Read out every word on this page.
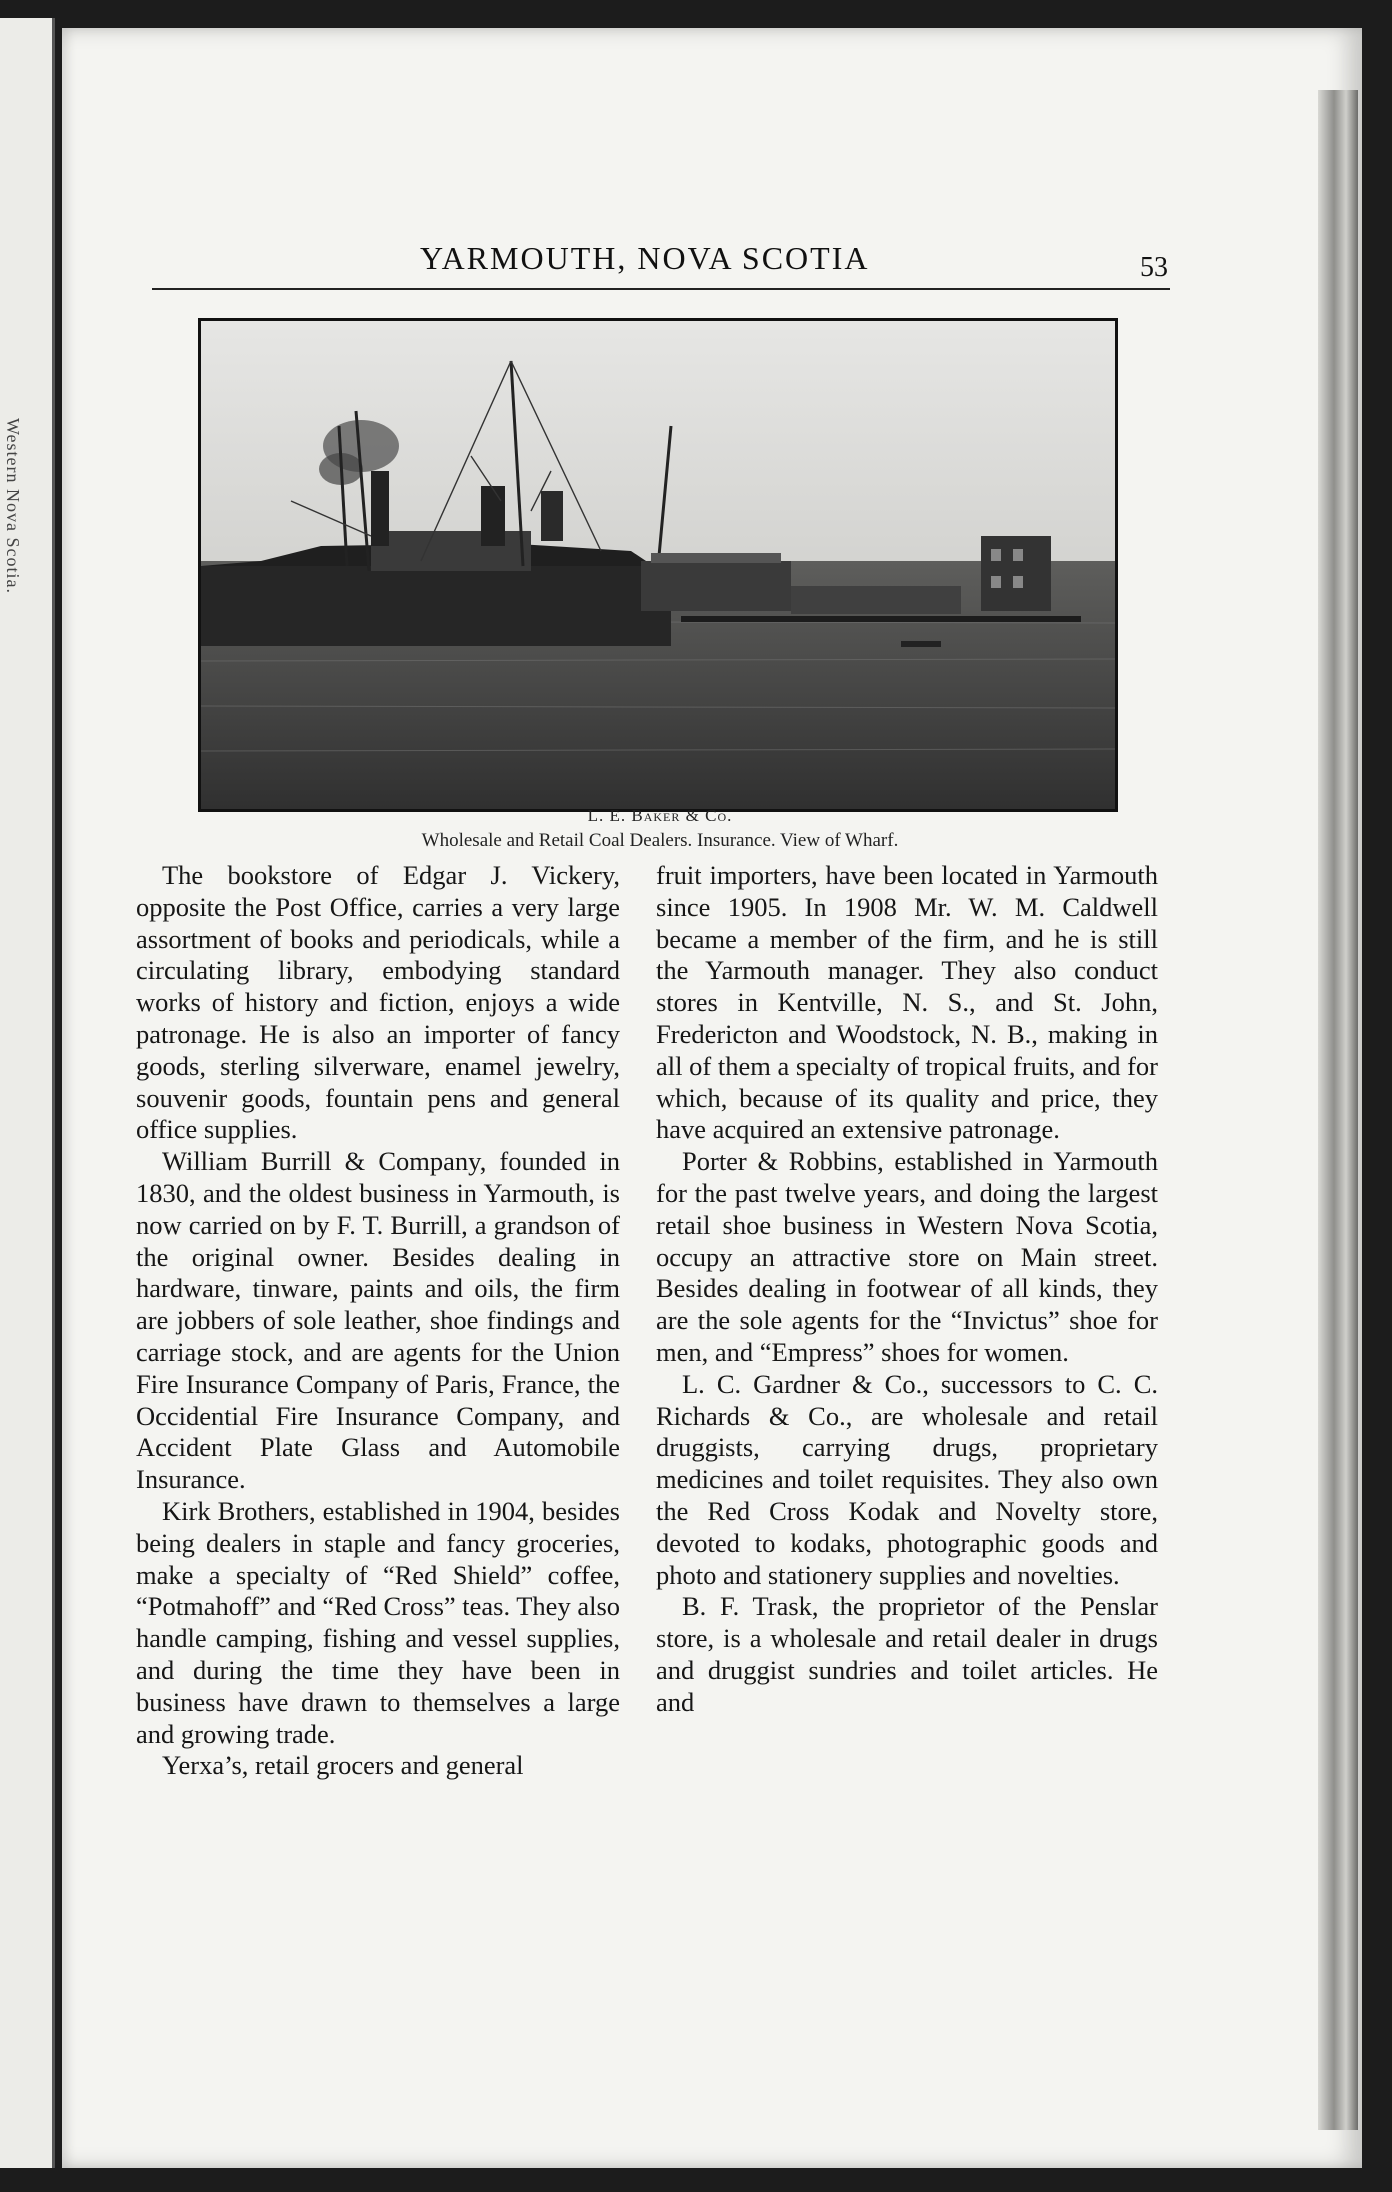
Western Nova Scotia.
YARMOUTH, NOVA SCOTIA	53
L. E. Baker & Co.
Wholesale and Retail Coal Dealers. Insurance. View of Wharf.

The bookstore of Edgar J. Vickery, opposite the Post Office, carries a very large assortment of books and periodicals, while a circulating library, embodying standard works of history and fiction, enjoys a wide patronage. He is also an importer of fancy goods, sterling silverware, enamel jewelry, souvenir goods, fountain pens and general office supplies.

William Burrill & Company, founded in 1830, and the oldest business in Yarmouth, is now carried on by F. T. Burrill, a grandson of the original owner. Besides dealing in hardware, tinware, paints and oils, the firm are jobbers of sole leather, shoe findings and carriage stock, and are agents for the Union Fire Insurance Company of Paris, France, the Occidential Fire Insurance Company, and Accident Plate Glass and Automobile Insurance.

Kirk Brothers, established in 1904, besides being dealers in staple and fancy groceries, make a specialty of “Red Shield” coffee, “Potmahoff” and “Red Cross” teas. They also handle camping, fishing and vessel supplies, and during the time they have been in business have drawn to themselves a large and growing trade.

Yerxa’s, retail grocers and general

fruit importers, have been located in Yarmouth since 1905. In 1908 Mr. W. M. Caldwell became a member of the firm, and he is still the Yarmouth manager. They also conduct stores in Kentville, N. S., and St. John, Fredericton and Woodstock, N. B., making in all of them a specialty of tropical fruits, and for which, because of its quality and price, they have acquired an extensive patronage.

Porter & Robbins, established in Yarmouth for the past twelve years, and doing the largest retail shoe business in Western Nova Scotia, occupy an attractive store on Main street. Besides dealing in footwear of all kinds, they are the sole agents for the “Invictus” shoe for men, and “Empress” shoes for women.

L. C. Gardner & Co., successors to C. C. Richards & Co., are wholesale and retail druggists, carrying drugs, proprietary medicines and toilet requisites. They also own the Red Cross Kodak and Novelty store, devoted to kodaks, photographic goods and photo and stationery supplies and novelties.

B. F. Trask, the proprietor of the Penslar store, is a wholesale and retail dealer in drugs and druggist sundries and toilet articles. He and
